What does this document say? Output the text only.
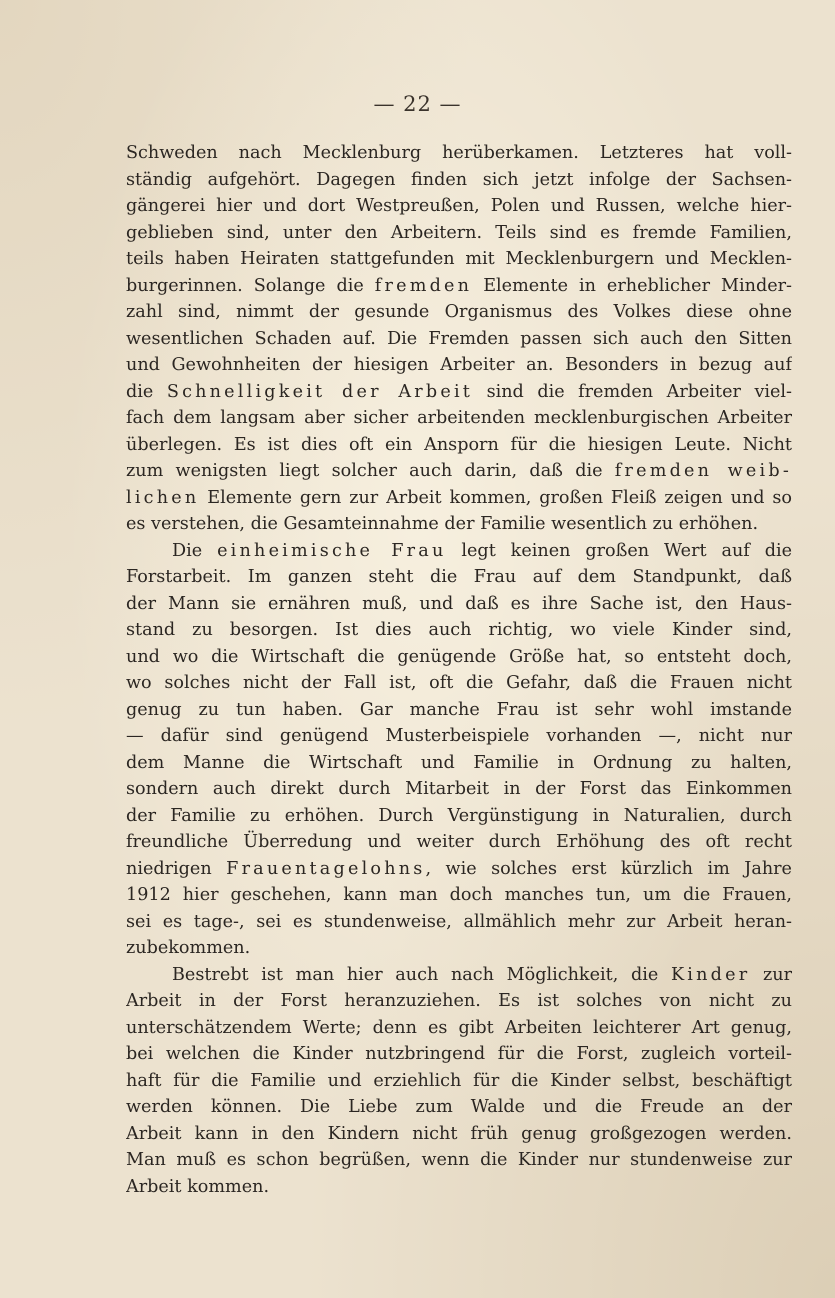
— 22 —
Schweden nach Mecklenburg herüberkamen. Letzteres hat voll-
ständig aufgehört. Dagegen finden sich jetzt infolge der Sachsen-
gängerei hier und dort Westpreußen, Polen und Russen, welche hier-
geblieben sind, unter den Arbeitern. Teils sind es fremde Familien,
teils haben Heiraten stattgefunden mit Mecklenburgern und Mecklen-
burgerinnen. Solange die fremden Elemente in erheblicher Minder-
zahl sind, nimmt der gesunde Organismus des Volkes diese ohne
wesentlichen Schaden auf. Die Fremden passen sich auch den Sitten
und Gewohnheiten der hiesigen Arbeiter an. Besonders in bezug auf
die Schnelligkeit der Arbeit sind die fremden Arbeiter viel-
fach dem langsam aber sicher arbeitenden mecklenburgischen Arbeiter
überlegen. Es ist dies oft ein Ansporn für die hiesigen Leute. Nicht
zum wenigsten liegt solcher auch darin, daß die fremden weib-
lichen Elemente gern zur Arbeit kommen, großen Fleiß zeigen und so
es verstehen, die Gesamteinnahme der Familie wesentlich zu erhöhen.
Die einheimische Frau legt keinen großen Wert auf die
Forstarbeit. Im ganzen steht die Frau auf dem Standpunkt, daß
der Mann sie ernähren muß, und daß es ihre Sache ist, den Haus-
stand zu besorgen. Ist dies auch richtig, wo viele Kinder sind,
und wo die Wirtschaft die genügende Größe hat, so entsteht doch,
wo solches nicht der Fall ist, oft die Gefahr, daß die Frauen nicht
genug zu tun haben. Gar manche Frau ist sehr wohl imstande
— dafür sind genügend Musterbeispiele vorhanden —, nicht nur
dem Manne die Wirtschaft und Familie in Ordnung zu halten,
sondern auch direkt durch Mitarbeit in der Forst das Einkommen
der Familie zu erhöhen. Durch Vergünstigung in Naturalien, durch
freundliche Überredung und weiter durch Erhöhung des oft recht
niedrigen Frauentagelohns, wie solches erst kürzlich im Jahre
1912 hier geschehen, kann man doch manches tun, um die Frauen,
sei es tage-, sei es stundenweise, allmählich mehr zur Arbeit heran-
zubekommen.
Bestrebt ist man hier auch nach Möglichkeit, die Kinder zur
Arbeit in der Forst heranzuziehen. Es ist solches von nicht zu
unterschätzendem Werte; denn es gibt Arbeiten leichterer Art genug,
bei welchen die Kinder nutzbringend für die Forst, zugleich vorteil-
haft für die Familie und erziehlich für die Kinder selbst, beschäftigt
werden können. Die Liebe zum Walde und die Freude an der
Arbeit kann in den Kindern nicht früh genug großgezogen werden.
Man muß es schon begrüßen, wenn die Kinder nur stundenweise zur
Arbeit kommen.
